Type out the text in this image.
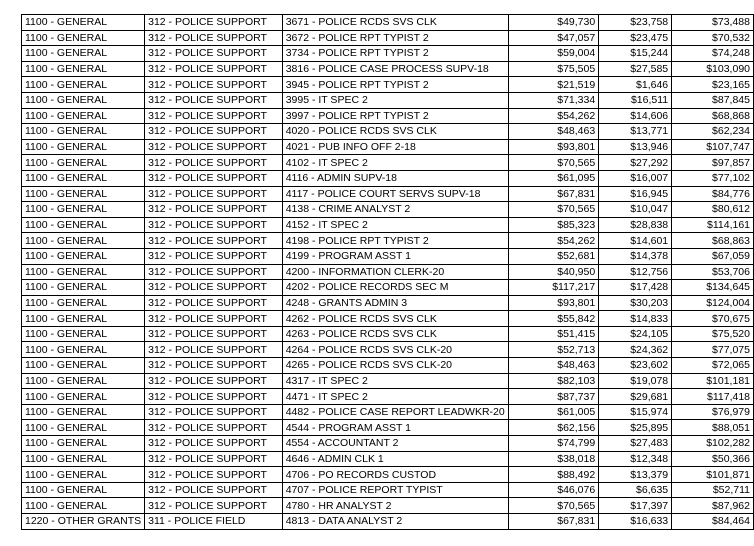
1100 - GENERAL	312 - POLICE SUPPORT	3671 - POLICE RCDS SVS CLK	$49,730	$23,758	$73,488
1100 - GENERAL	312 - POLICE SUPPORT	3672 - POLICE RPT TYPIST 2	$47,057	$23,475	$70,532
1100 - GENERAL	312 - POLICE SUPPORT	3734 - POLICE RPT TYPIST 2	$59,004	$15,244	$74,248
1100 - GENERAL	312 - POLICE SUPPORT	3816 - POLICE CASE PROCESS SUPV-18	$75,505	$27,585	$103,090
1100 - GENERAL	312 - POLICE SUPPORT	3945 - POLICE RPT TYPIST 2	$21,519	$1,646	$23,165
1100 - GENERAL	312 - POLICE SUPPORT	3995 - IT SPEC 2	$71,334	$16,511	$87,845
1100 - GENERAL	312 - POLICE SUPPORT	3997 - POLICE RPT TYPIST 2	$54,262	$14,606	$68,868
1100 - GENERAL	312 - POLICE SUPPORT	4020 - POLICE RCDS SVS CLK	$48,463	$13,771	$62,234
1100 - GENERAL	312 - POLICE SUPPORT	4021 - PUB INFO OFF 2-18	$93,801	$13,946	$107,747
1100 - GENERAL	312 - POLICE SUPPORT	4102 - IT SPEC 2	$70,565	$27,292	$97,857
1100 - GENERAL	312 - POLICE SUPPORT	4116 - ADMIN SUPV-18	$61,095	$16,007	$77,102
1100 - GENERAL	312 - POLICE SUPPORT	4117 - POLICE COURT SERVS SUPV-18	$67,831	$16,945	$84,776
1100 - GENERAL	312 - POLICE SUPPORT	4138 - CRIME ANALYST 2	$70,565	$10,047	$80,612
1100 - GENERAL	312 - POLICE SUPPORT	4152 - IT SPEC 2	$85,323	$28,838	$114,161
1100 - GENERAL	312 - POLICE SUPPORT	4198 - POLICE RPT TYPIST 2	$54,262	$14,601	$68,863
1100 - GENERAL	312 - POLICE SUPPORT	4199 - PROGRAM ASST 1	$52,681	$14,378	$67,059
1100 - GENERAL	312 - POLICE SUPPORT	4200 - INFORMATION CLERK-20	$40,950	$12,756	$53,706
1100 - GENERAL	312 - POLICE SUPPORT	4202 - POLICE RECORDS SEC M	$117,217	$17,428	$134,645
1100 - GENERAL	312 - POLICE SUPPORT	4248 - GRANTS ADMIN 3	$93,801	$30,203	$124,004
1100 - GENERAL	312 - POLICE SUPPORT	4262 - POLICE RCDS SVS CLK	$55,842	$14,833	$70,675
1100 - GENERAL	312 - POLICE SUPPORT	4263 - POLICE RCDS SVS CLK	$51,415	$24,105	$75,520
1100 - GENERAL	312 - POLICE SUPPORT	4264 - POLICE RCDS SVS CLK-20	$52,713	$24,362	$77,075
1100 - GENERAL	312 - POLICE SUPPORT	4265 - POLICE RCDS SVS CLK-20	$48,463	$23,602	$72,065
1100 - GENERAL	312 - POLICE SUPPORT	4317 - IT SPEC 2	$82,103	$19,078	$101,181
1100 - GENERAL	312 - POLICE SUPPORT	4471 - IT SPEC 2	$87,737	$29,681	$117,418
1100 - GENERAL	312 - POLICE SUPPORT	4482 - POLICE CASE REPORT LEADWKR-20	$61,005	$15,974	$76,979
1100 - GENERAL	312 - POLICE SUPPORT	4544 - PROGRAM ASST 1	$62,156	$25,895	$88,051
1100 - GENERAL	312 - POLICE SUPPORT	4554 - ACCOUNTANT 2	$74,799	$27,483	$102,282
1100 - GENERAL	312 - POLICE SUPPORT	4646 - ADMIN CLK 1	$38,018	$12,348	$50,366
1100 - GENERAL	312 - POLICE SUPPORT	4706 - PO RECORDS CUSTOD	$88,492	$13,379	$101,871
1100 - GENERAL	312 - POLICE SUPPORT	4707 - POLICE REPORT TYPIST	$46,076	$6,635	$52,711
1100 - GENERAL	312 - POLICE SUPPORT	4780 - HR ANALYST 2	$70,565	$17,397	$87,962
1220 - OTHER GRANTS	311 - POLICE FIELD	4813 - DATA ANALYST 2	$67,831	$16,633	$84,464
